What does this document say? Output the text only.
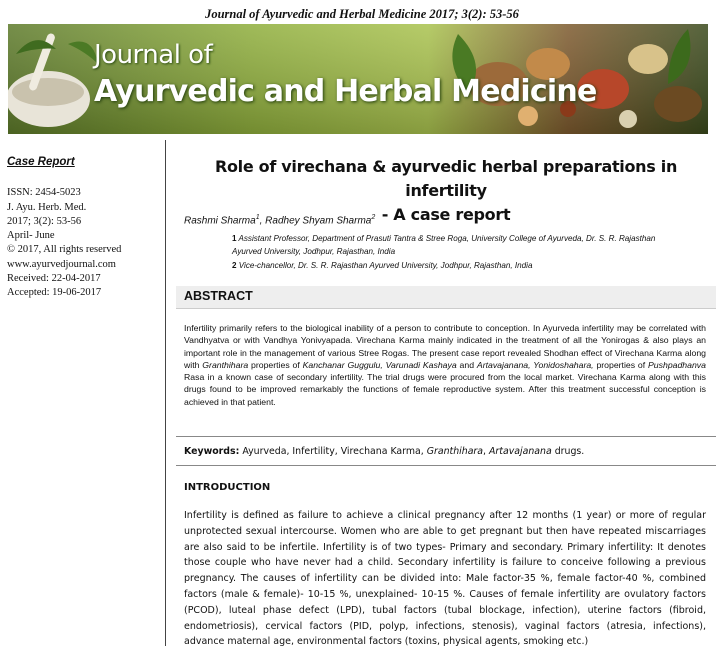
Journal of Ayurvedic and Herbal Medicine 2017; 3(2): 53-56
Journal of
Ayurvedic and Herbal Medicine
Case Report
ISSN: 2454-5023
J. Ayu. Herb. Med.
2017; 3(2): 53-56
April- June
© 2017, All rights reserved
www.ayurvedjournal.com
Received: 22-04-2017
Accepted: 19-06-2017
Role of virechana & ayurvedic herbal preparations in infertility
- A case report
Rashmi Sharma$^1$, Radhey Shyam Sharma$^2$
1 Assistant Professor, Department of Prasuti Tantra & Stree Roga, University College of Ayurveda, Dr. S. R. Rajasthan
Ayurved University, Jodhpur, Rajasthan, India
2 Vice-chancellor, Dr. S. R. Rajasthan Ayurved University, Jodhpur, Rajasthan, India
ABSTRACT
Infertility primarily refers to the biological inability of a person to contribute to conception. In Ayurveda infertility may be correlated with Vandhyatva or with Vandhya Yonivyapada. Virechana Karma mainly indicated in the treatment of all the Yonirogas & also plays an important role in the management of various Stree Rogas. The present case report revealed Shodhan effect of Virechana Karma along with Granthihara properties of Kanchanar Guggulu, Varunadi Kashaya and Artavajanana, Yonidoshahara, properties of Pushpadhanva Rasa in a known case of secondary infertility. The trial drugs were procured from the local market. Virechana Karma along with this drugs found to be improved remarkably the functions of female reproductive system. After this treatment successful conception is achieved in that patient.
Keywords: Ayurveda, Infertility, Virechana Karma, Granthihara, Artavajanana drugs.
INTRODUCTION
Infertility is defined as failure to achieve a clinical pregnancy after 12 months (1 year) or more of regular unprotected sexual intercourse. Women who are able to get pregnant but then have repeated miscarriages are also said to be infertile. Infertility is of two types- Primary and secondary. Primary infertility: It denotes those couple who have never had a child. Secondary infertility is failure to conceive following a previous pregnancy. The causes of infertility can be divided into: Male factor-35 %, female factor-40 %, combined factors (male & female)- 10-15 %, unexplained- 10-15 %. Causes of female infertility are ovulatory factors (PCOD), luteal phase defect (LPD), tubal factors (tubal blockage, infection), uterine factors (fibroid, endometriosis), cervical factors (PID, polyp, infections, stenosis), vaginal factors (atresia, infections), advance maternal age, environmental factors (toxins, physical agents, smoking etc.)
